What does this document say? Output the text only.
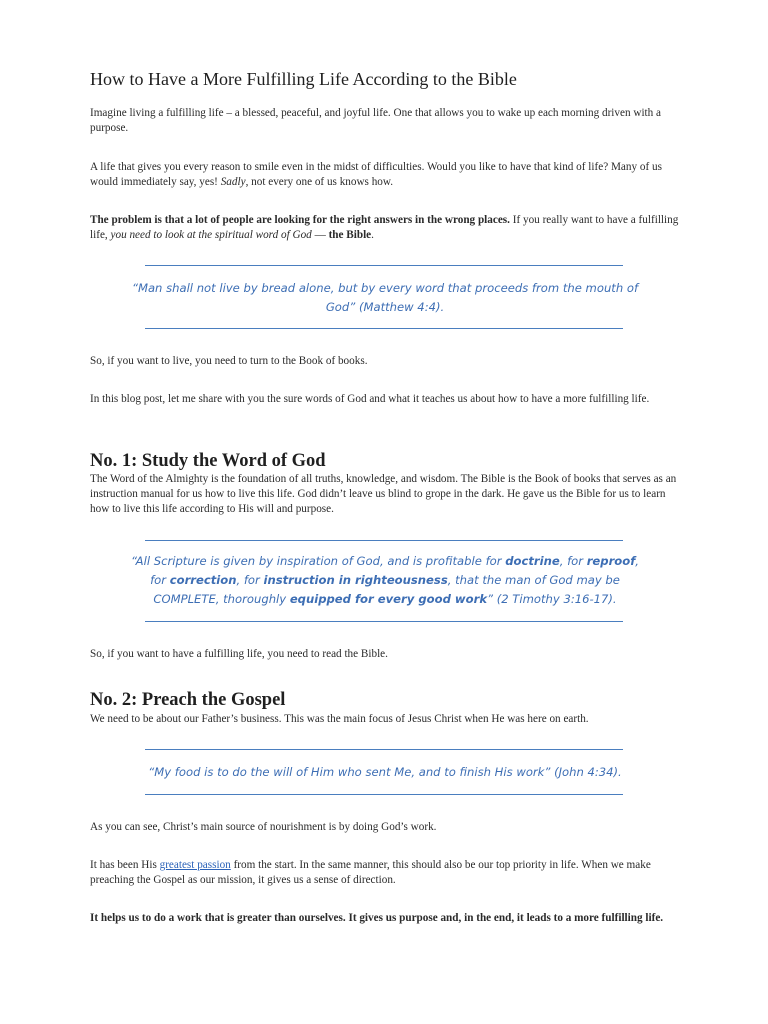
How to Have a More Fulfilling Life According to the Bible
Imagine living a fulfilling life – a blessed, peaceful, and joyful life. One that allows you to wake up each morning driven with a purpose.
A life that gives you every reason to smile even in the midst of difficulties. Would you like to have that kind of life? Many of us would immediately say, yes! Sadly, not every one of us knows how.
The problem is that a lot of people are looking for the right answers in the wrong places. If you really want to have a fulfilling life, you need to look at the spiritual word of God — the Bible.
“Man shall not live by bread alone, but by every word that proceeds from the mouth of God” (Matthew 4:4).
So, if you want to live, you need to turn to the Book of books.
In this blog post, let me share with you the sure words of God and what it teaches us about how to have a more fulfilling life.
No. 1: Study the Word of God
The Word of the Almighty is the foundation of all truths, knowledge, and wisdom. The Bible is the Book of books that serves as an instruction manual for us how to live this life. God didn’t leave us blind to grope in the dark. He gave us the Bible for us to learn how to live this life according to His will and purpose.
“All Scripture is given by inspiration of God, and is profitable for doctrine, for reproof, for correction, for instruction in righteousness, that the man of God may be COMPLETE, thoroughly equipped for every good work” (2 Timothy 3:16-17).
So, if you want to have a fulfilling life, you need to read the Bible.
No. 2: Preach the Gospel
We need to be about our Father’s business. This was the main focus of Jesus Christ when He was here on earth.
“My food is to do the will of Him who sent Me, and to finish His work” (John 4:34).
As you can see, Christ’s main source of nourishment is by doing God’s work.
It has been His greatest passion from the start. In the same manner, this should also be our top priority in life. When we make preaching the Gospel as our mission, it gives us a sense of direction.
It helps us to do a work that is greater than ourselves. It gives us purpose and, in the end, it leads to a more fulfilling life.
